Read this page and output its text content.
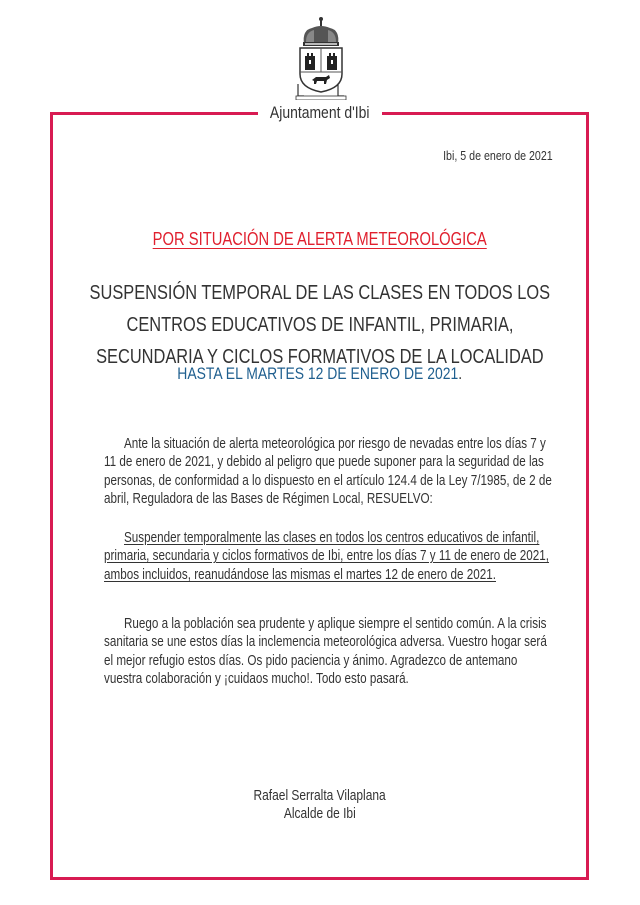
Ajuntament d'Ibi
Ibi, 5 de enero de 2021
POR SITUACIÓN DE ALERTA METEOROLÓGICA
SUSPENSIÓN TEMPORAL DE LAS CLASES EN TODOS LOS
CENTROS EDUCATIVOS DE INFANTIL, PRIMARIA,
SECUNDARIA Y CICLOS FORMATIVOS DE LA LOCALIDAD
HASTA EL MARTES 12 DE ENERO DE 2021.
Ante la situación de alerta meteorológica por riesgo de nevadas entre los días 7 y
11 de enero de 2021, y debido al peligro que puede suponer para la seguridad de las
personas, de conformidad a lo dispuesto en el artículo 124.4 de la Ley 7/1985, de 2 de
abril, Reguladora de las Bases de Régimen Local, RESUELVO:
Suspender temporalmente las clases en todos los centros educativos de infantil,
primaria, secundaria y ciclos formativos de Ibi, entre los días 7 y 11 de enero de 2021,
ambos incluidos, reanudándose las mismas el martes 12 de enero de 2021.
Ruego a la población sea prudente y aplique siempre el sentido común. A la crisis
sanitaria se une estos días la inclemencia meteorológica adversa. Vuestro hogar será
el mejor refugio estos días. Os pido paciencia y ánimo. Agradezco de antemano
vuestra colaboración y ¡cuidaos mucho!. Todo esto pasará.
Rafael Serralta Vilaplana
Alcalde de Ibi
